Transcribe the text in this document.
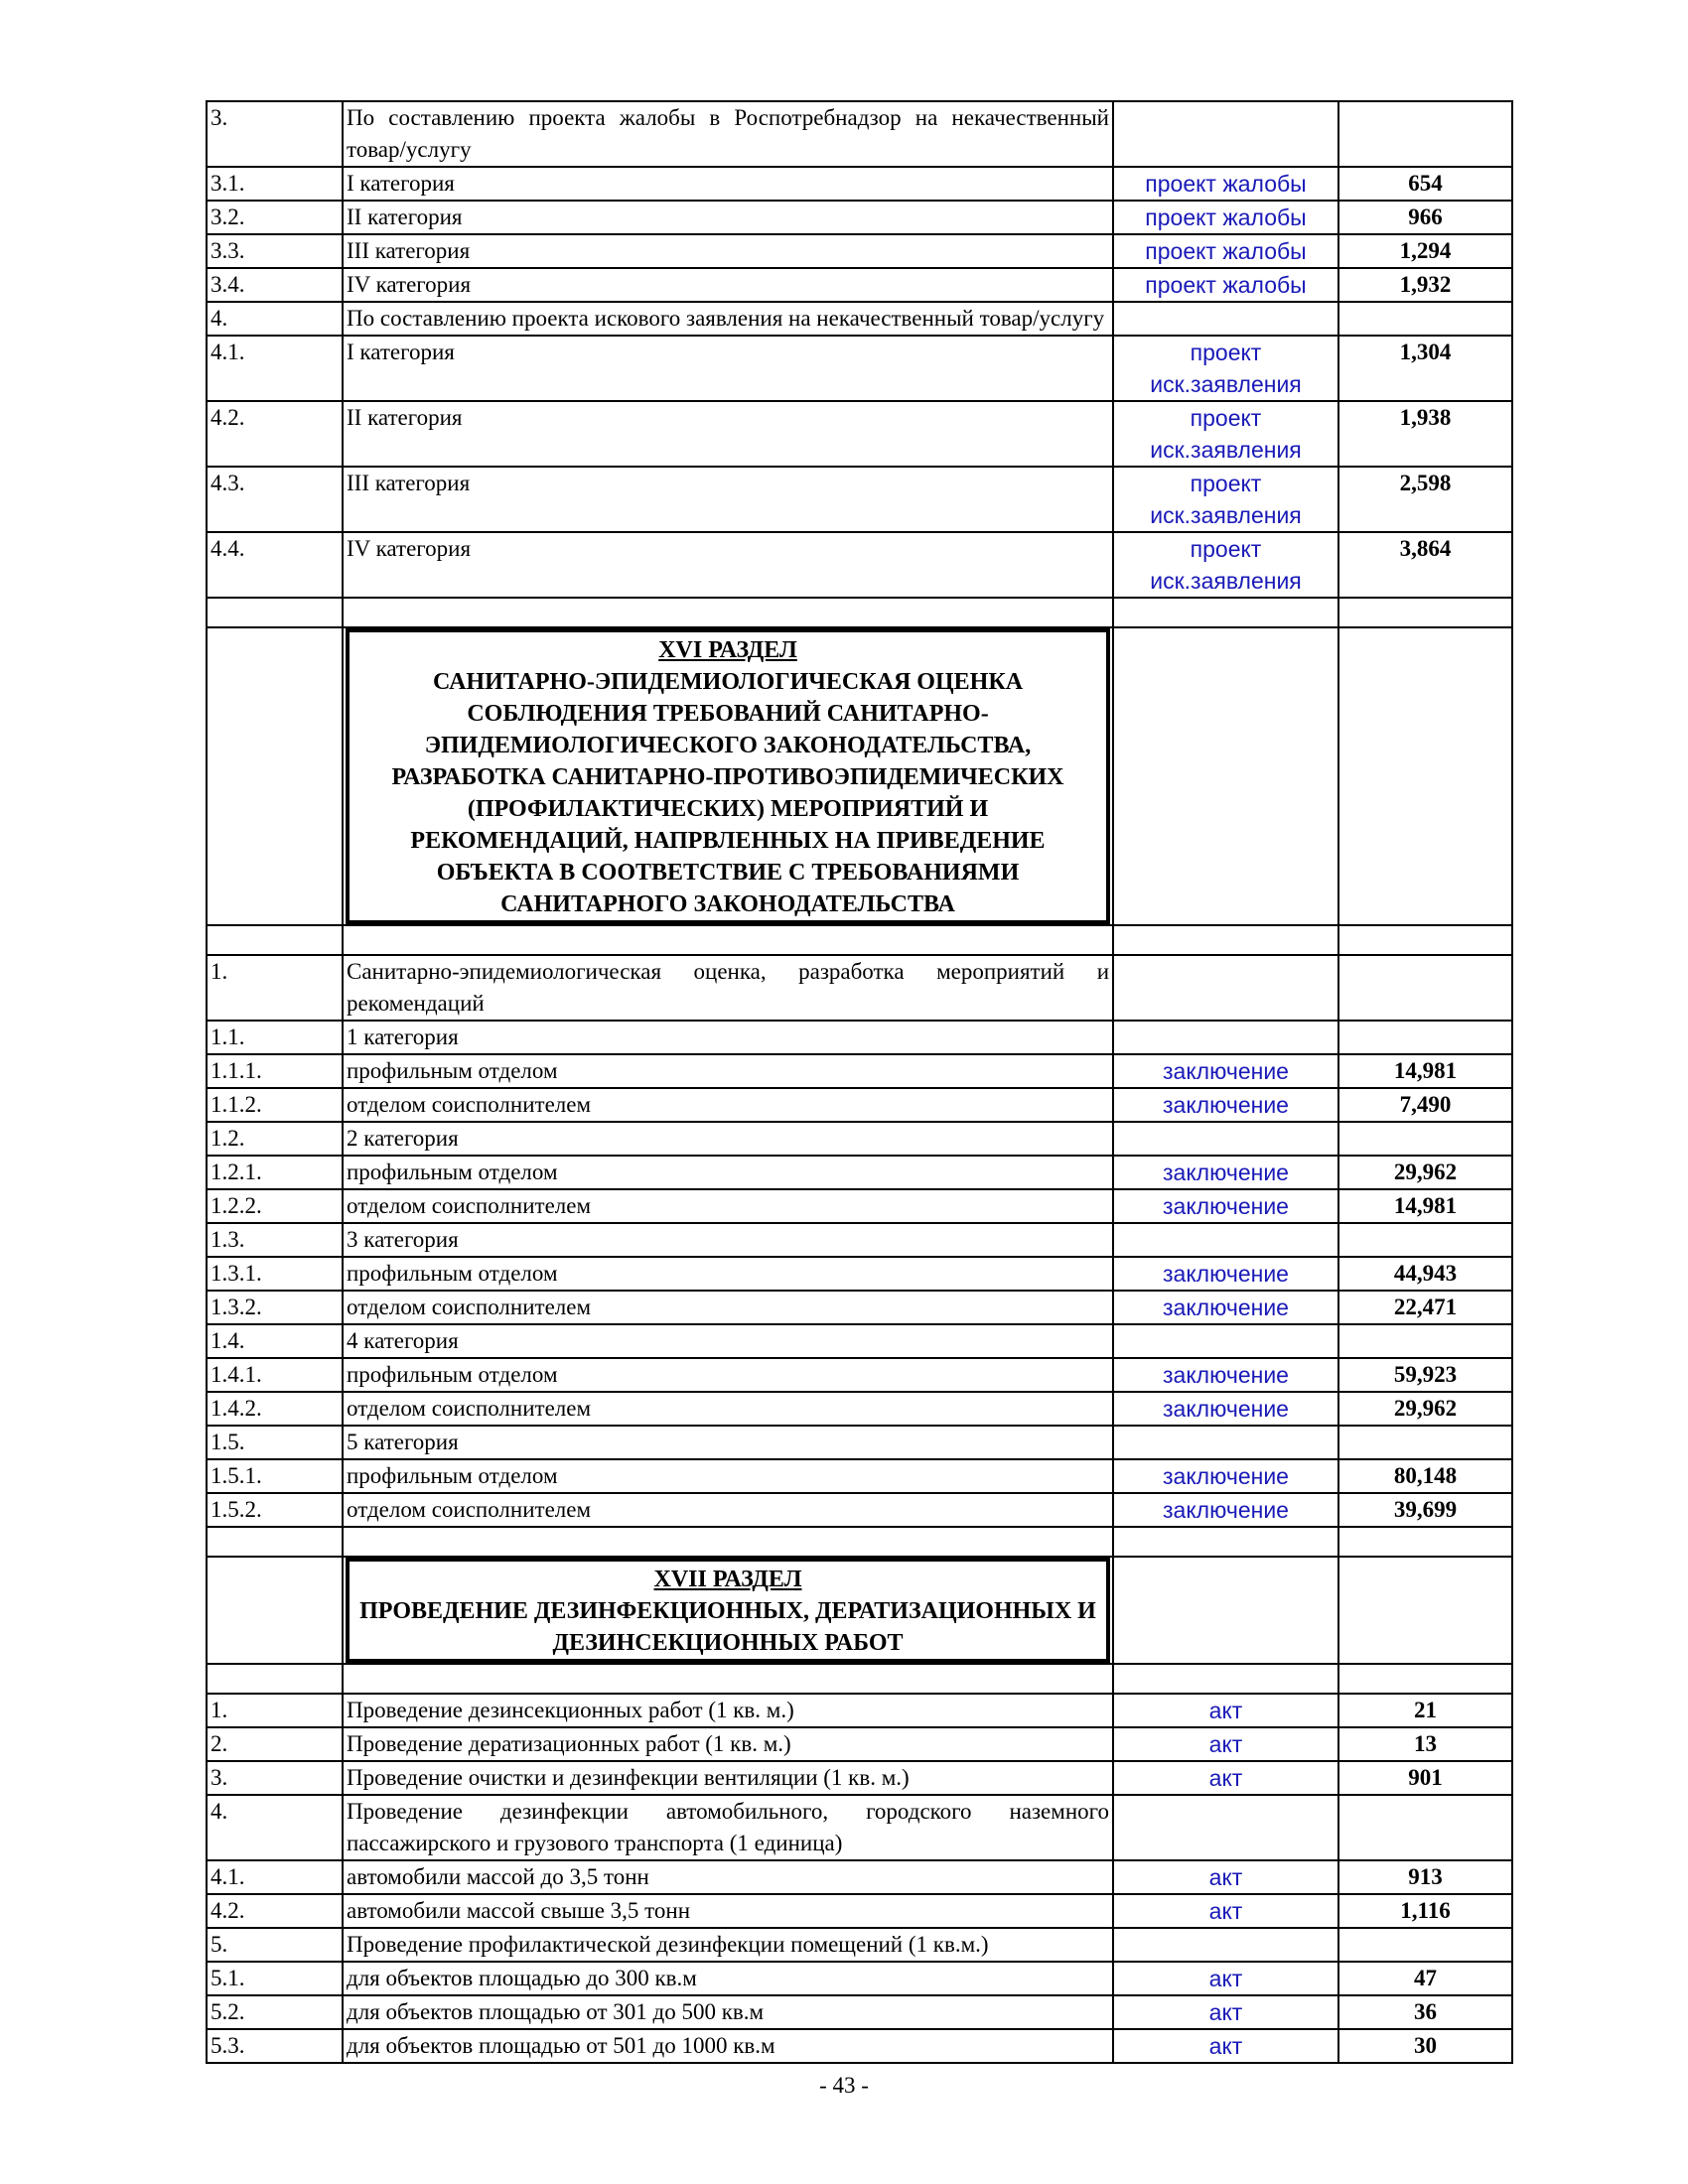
3.	По составлению проекта жалобы в Роспотребнадзор на некачественный товар/услугу		
3.1.	I категория	проект жалобы	654
3.2.	II категория	проект жалобы	966
3.3.	III категория	проект жалобы	1,294
3.4.	IV категория	проект жалобы	1,932
4.	По составлению проекта искового заявления на некачественный товар/услугу		
4.1.	I категория	проект иск.заявления	1,304
4.2.	II категория	проект иск.заявления	1,938
4.3.	III категория	проект иск.заявления	2,598
4.4.	IV категория	проект иск.заявления	3,864

	XVI РАЗДЕЛ
САНИТАРНО-ЭПИДЕМИОЛОГИЧЕСКАЯ ОЦЕНКА СОБЛЮДЕНИЯ ТРЕБОВАНИЙ САНИТАРНО-ЭПИДЕМИОЛОГИЧЕСКОГО ЗАКОНОДАТЕЛЬСТВА, РАЗРАБОТКА САНИТАРНО-ПРОТИВОЭПИДЕМИЧЕСКИХ (ПРОФИЛАКТИЧЕСКИХ) МЕРОПРИЯТИЙ И РЕКОМЕНДАЦИЙ, НАПРВЛЕННЫХ НА ПРИВЕДЕНИЕ ОБЪЕКТА В СООТВЕТСТВИЕ С ТРЕБОВАНИЯМИ САНИТАРНОГО ЗАКОНОДАТЕЛЬСТВА		

1.	Санитарно-эпидемиологическая оценка, разработка мероприятий и рекомендаций		
1.1.	1 категория		
1.1.1.	профильным отделом	заключение	14,981
1.1.2.	отделом соисполнителем	заключение	7,490
1.2.	2 категория		
1.2.1.	профильным отделом	заключение	29,962
1.2.2.	отделом соисполнителем	заключение	14,981
1.3.	3 категория		
1.3.1.	профильным отделом	заключение	44,943
1.3.2.	отделом соисполнителем	заключение	22,471
1.4.	4 категория		
1.4.1.	профильным отделом	заключение	59,923
1.4.2.	отделом соисполнителем	заключение	29,962
1.5.	5 категория		
1.5.1.	профильным отделом	заключение	80,148
1.5.2.	отделом соисполнителем	заключение	39,699

	XVII РАЗДЕЛ
ПРОВЕДЕНИЕ ДЕЗИНФЕКЦИОННЫХ, ДЕРАТИЗАЦИОННЫХ И ДЕЗИНСЕКЦИОННЫХ РАБОТ		

1.	Проведение дезинсекционных работ (1 кв. м.)	акт	21
2.	Проведение дератизационных работ (1 кв. м.)	акт	13
3.	Проведение очистки и дезинфекции вентиляции (1 кв. м.)	акт	901
4.	Проведение дезинфекции автомобильного, городского наземного пассажирского и грузового транспорта (1 единица)		
4.1.	автомобили массой до 3,5 тонн	акт	913
4.2.	автомобили массой свыше 3,5 тонн	акт	1,116
5.	Проведение профилактической дезинфекции помещений (1 кв.м.)		
5.1.	для объектов площадью до 300 кв.м	акт	47
5.2.	для объектов площадью от 301 до 500 кв.м	акт	36
5.3.	для объектов площадью от 501 до 1000 кв.м	акт	30
- 43 -
